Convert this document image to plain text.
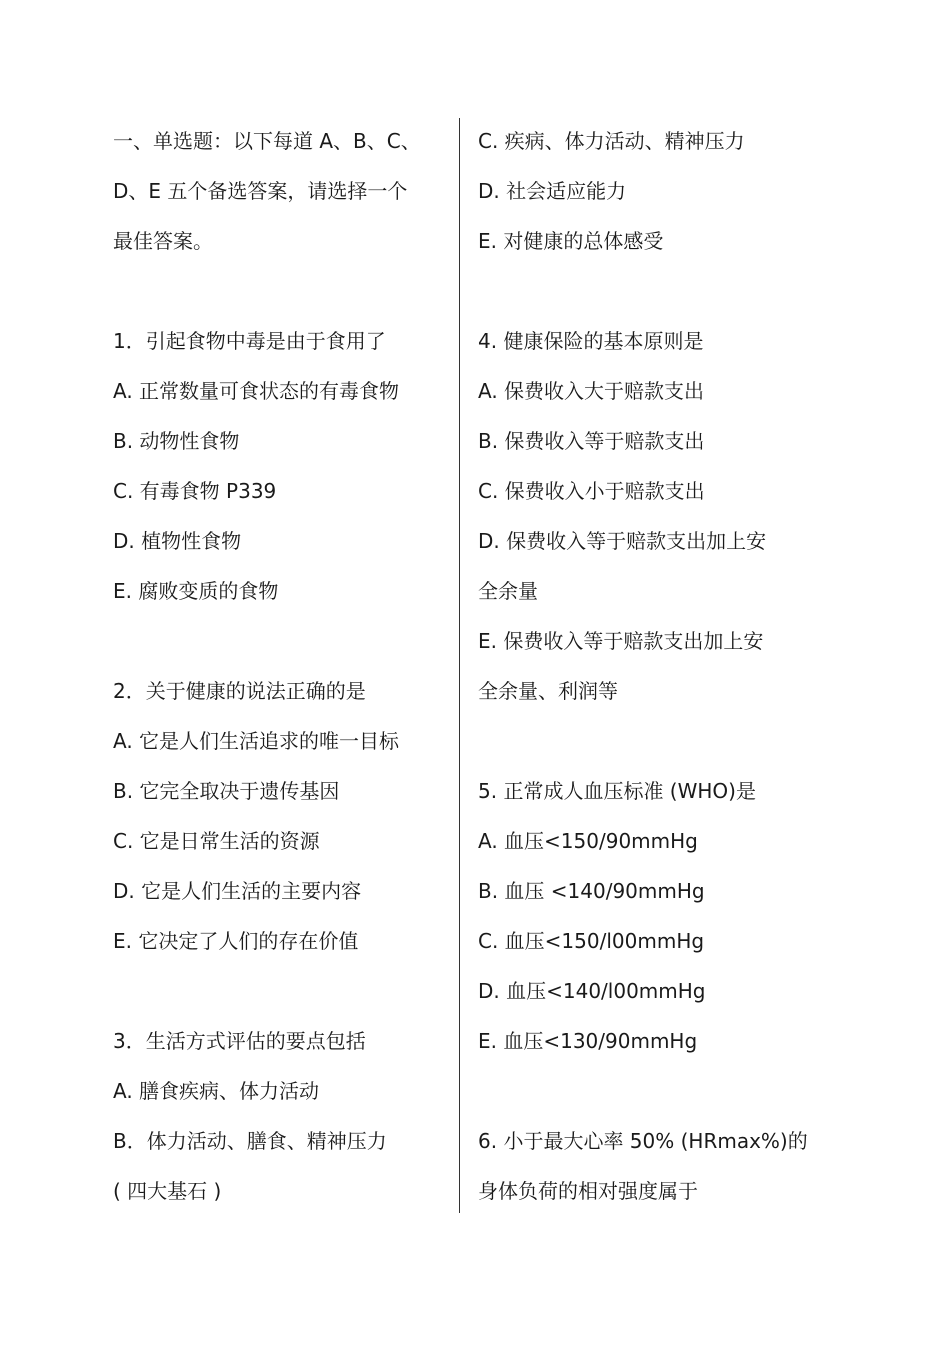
一、单选题：以下每道 A、B、C、
D、E 五个备选答案，请选择一个
最佳答案。
1．引起食物中毒是由于食用了
A. 正常数量可食状态的有毒食物
B. 动物性食物
C. 有毒食物 P339
D. 植物性食物
E. 腐败变质的食物
2．关于健康的说法正确的是
A. 它是人们生活追求的唯一目标
B. 它完全取决于遗传基因
C. 它是日常生活的资源
D. 它是人们生活的主要内容
E. 它决定了人们的存在价值
3．生活方式评估的要点包括
A. 膳食疾病、体力活动
B．体力活动、膳食、精神压力
( 四大基石 )
C. 疾病、体力活动、精神压力
D. 社会适应能力
E. 对健康的总体感受
4. 健康保险的基本原则是
A. 保费收入大于赔款支出
B. 保费收入等于赔款支出
C. 保费收入小于赔款支出
D. 保费收入等于赔款支出加上安
全余量
E. 保费收入等于赔款支出加上安
全余量、利润等
5. 正常成人血压标准 (WHO)是
A. 血压<150/90mmHg
B. 血压 <140/90mmHg
C. 血压<150/l00mmHg
D. 血压<140/l00mmHg
E. 血压<130/90mmHg
6. 小于最大心率 50% (HRmax%)的
身体负荷的相对强度属于
